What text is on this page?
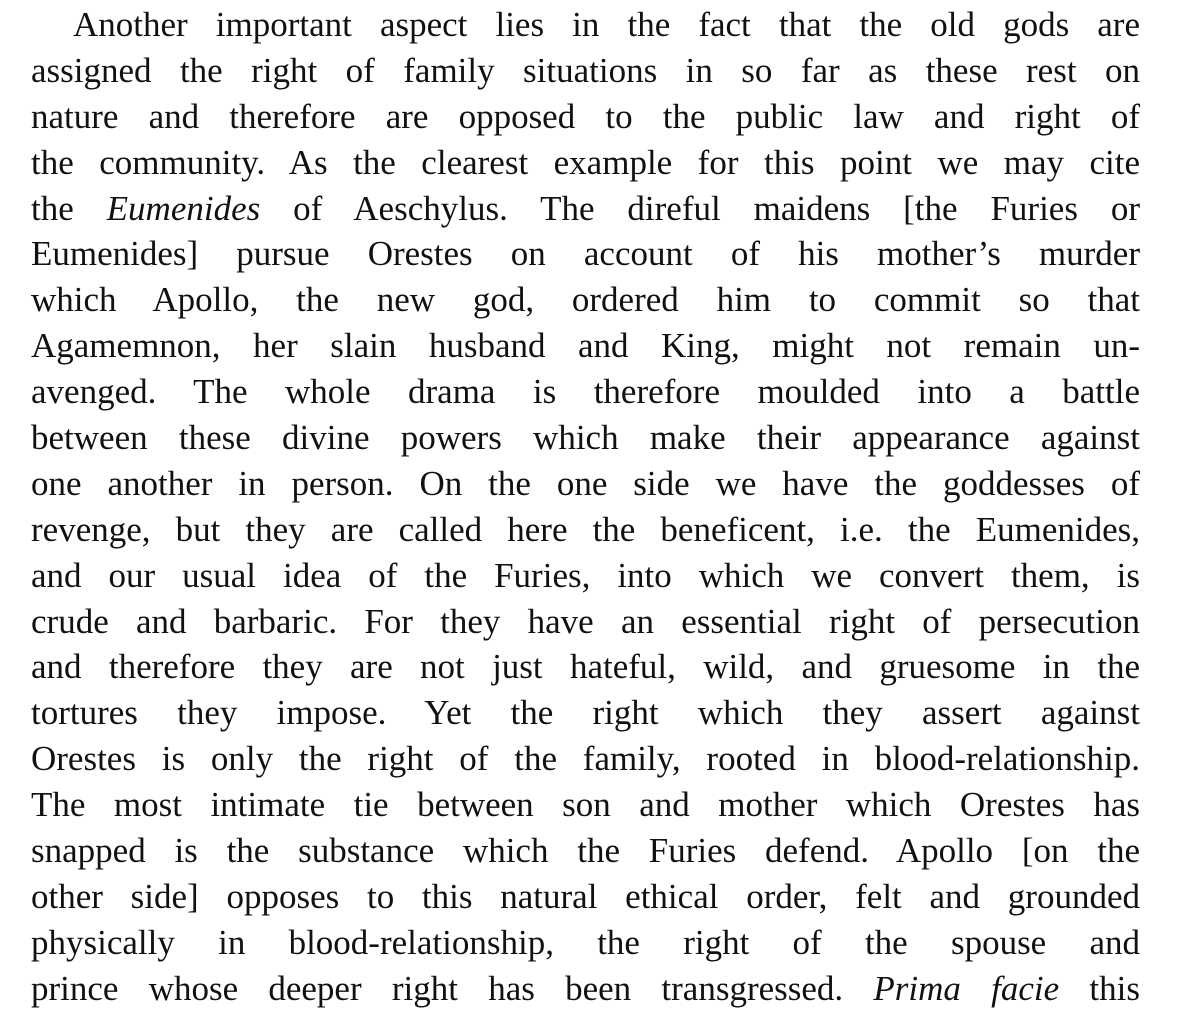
Another important aspect lies in the fact that the old gods are
assigned the right of family situations in so far as these rest on
nature and therefore are opposed to the public law and right of
the community. As the clearest example for this point we may cite
the Eumenides of Aeschylus. The direful maidens [the Furies or
Eumenides] pursue Orestes on account of his mother’s murder
which Apollo, the new god, ordered him to commit so that
Agamemnon, her slain husband and King, might not remain un-
avenged. The whole drama is therefore moulded into a battle
between these divine powers which make their appearance against
one another in person. On the one side we have the goddesses of
revenge, but they are called here the beneficent, i.e. the Eumenides,
and our usual idea of the Furies, into which we convert them, is
crude and barbaric. For they have an essential right of persecution
and therefore they are not just hateful, wild, and gruesome in the
tortures they impose. Yet the right which they assert against
Orestes is only the right of the family, rooted in blood-relationship.
The most intimate tie between son and mother which Orestes has
snapped is the substance which the Furies defend. Apollo [on the
other side] opposes to this natural ethical order, felt and grounded
physically in blood-relationship, the right of the spouse and
prince whose deeper right has been transgressed. Prima facie this
